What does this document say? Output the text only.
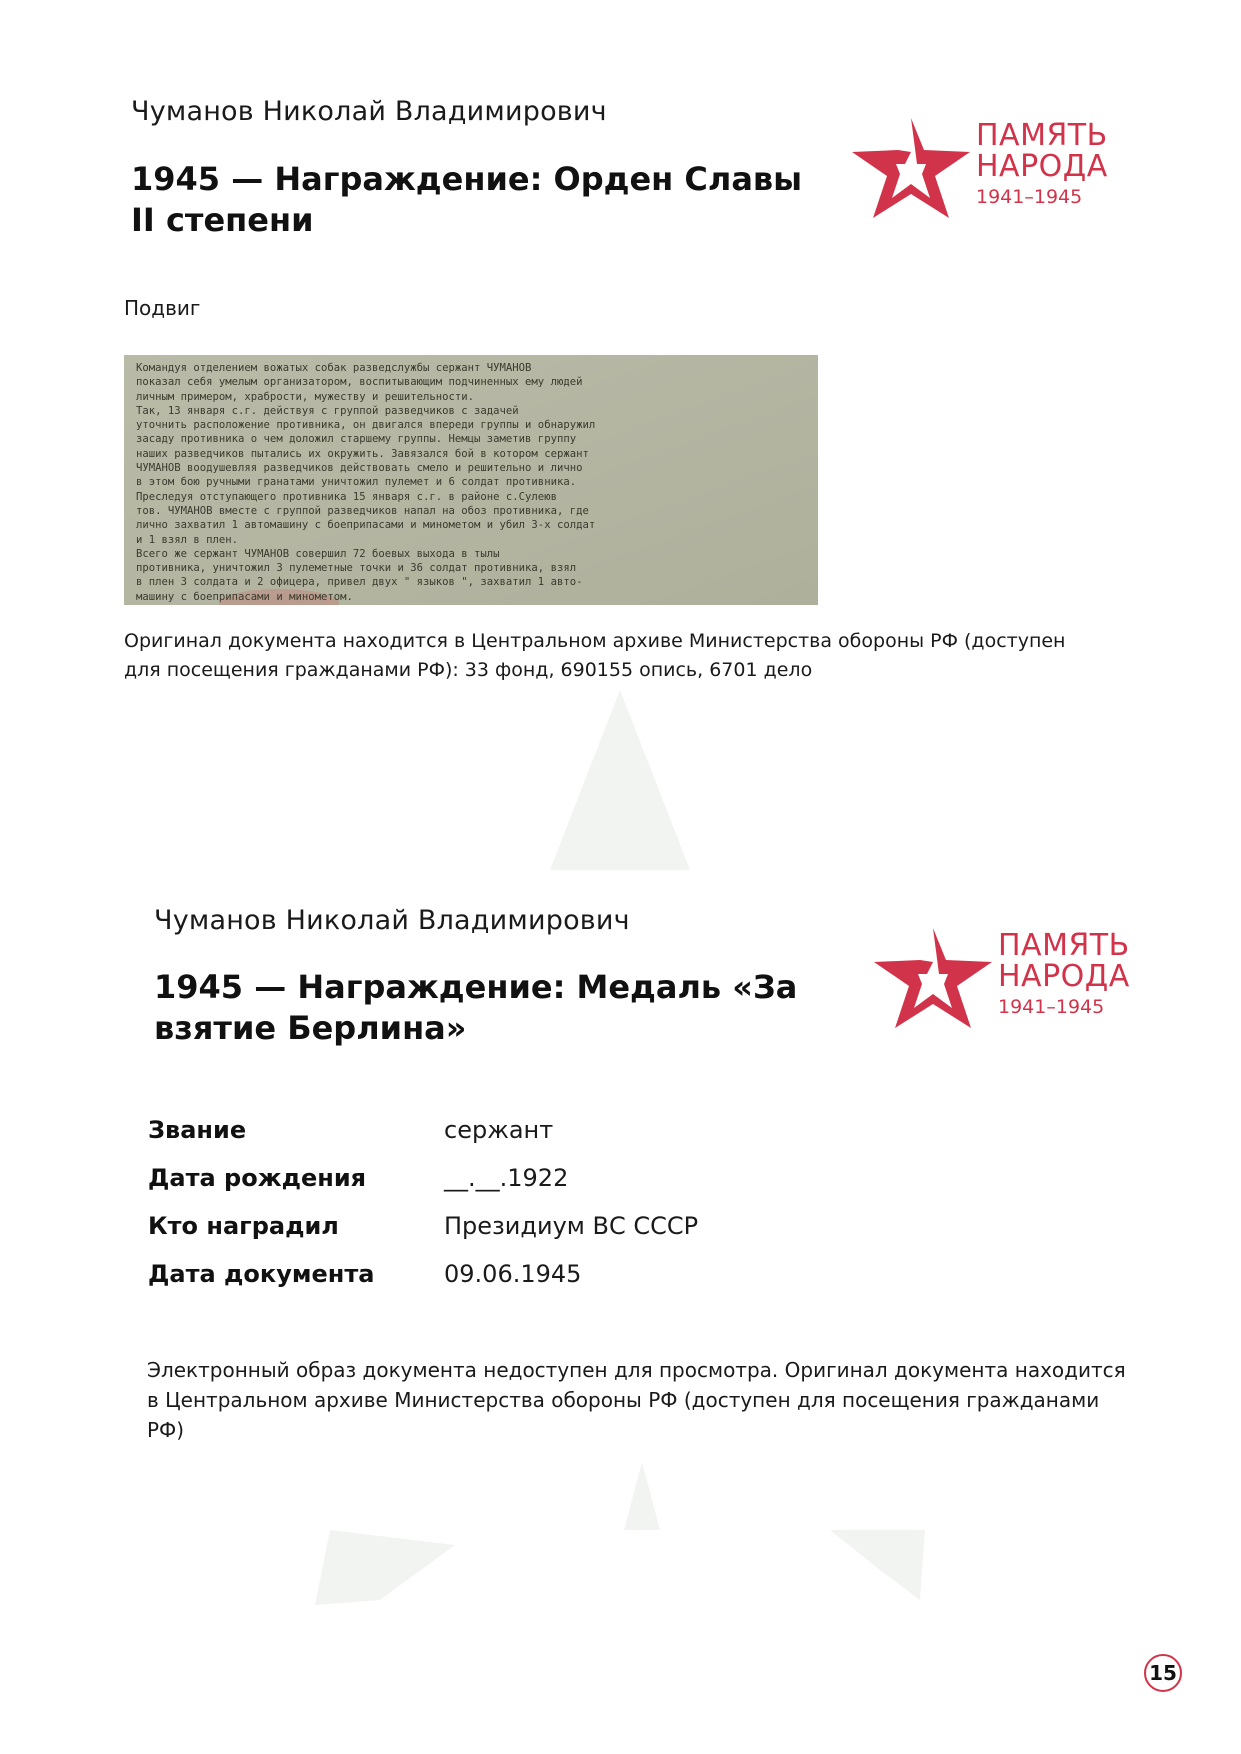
Чуманов Николай Владимирович
1945 — Награждение: Орден Славы II степени
ПАМЯТЬ
НАРОДА
1941–1945
Подвиг
Командуя отделением вожатых собак разведслужбы сержант ЧУМАНОВ
показал себя умелым организатором, воспитывающим подчиненных ему людей
личным примером, храбрости, мужеству и решительности.
Так, 13 января с.г. действуя с группой разведчиков с задачей
уточнить расположение противника, он двигался впереди группы и обнаружил
засаду противника о чем доложил старшему группы. Немцы заметив группу
наших разведчиков пытались их окружить. Завязался бой в котором сержант
ЧУМАНОВ воодушевляя разведчиков действовать смело и решительно и лично
в этом бою ручными гранатами уничтожил пулемет и 6 солдат противника.
Преследуя отступающего противника 15 января с.г. в районе с.Сулеюв
тов. ЧУМАНОВ вместе с группой разведчиков напал на обоз противника, где
лично захватил 1 автомашину с боеприпасами и минометом и убил 3-х солдат
и 1 взял в плен.
Всего же сержант ЧУМАНОВ совершил 72 боевых выхода в тылы
противника, уничтожил 3 пулеметные точки и 36 солдат противника, взял
в плен 3 солдата и 2 офицера, привел двух " языков ", захватил 1 авто-
машину с боеприпасами и минометом.
Оригинал документа находится в Центральном архиве Министерства обороны РФ (доступен для посещения гражданами РФ): 33 фонд, 690155 опись, 6701 дело
Чуманов Николай Владимирович
1945 — Награждение: Медаль «За взятие Берлина»
ПАМЯТЬ
НАРОДА
1941–1945
Звание	сержант
Дата рождения	__.__.1922
Кто наградил	Президиум ВС СССР
Дата документа	09.06.1945
Электронный образ документа недоступен для просмотра. Оригинал документа находится в Центральном архиве Министерства обороны РФ (доступен для посещения гражданами РФ)
15
